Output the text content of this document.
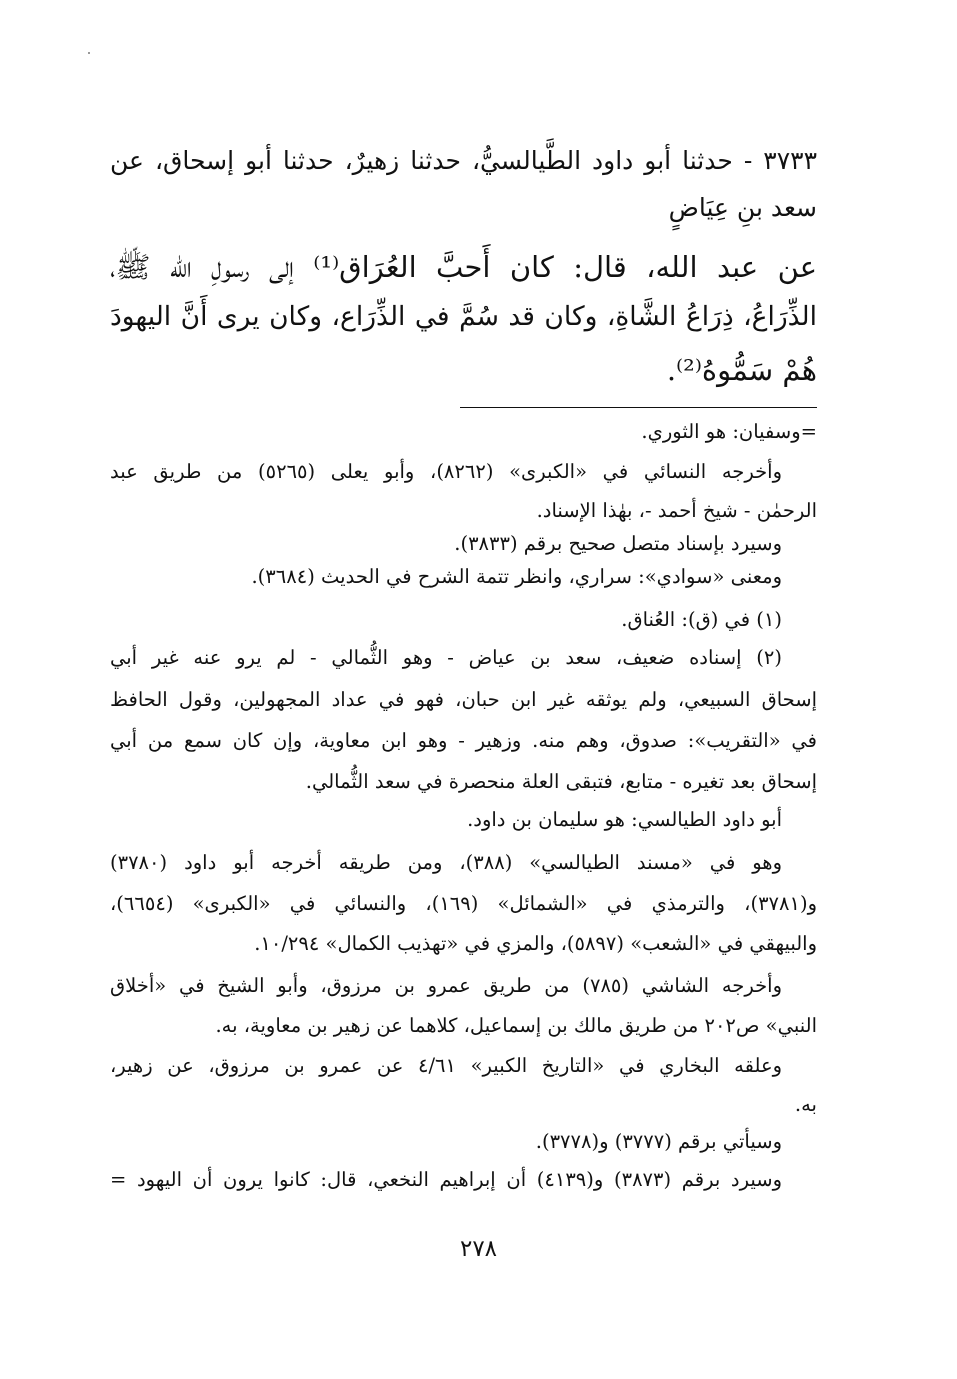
٣٧٣٣ - حدثنا أبو داود الطَّيالسيُّ، حدثنا زهيرٌ، حدثنا أبو إسحاق، عن
سعد بنِ عِيَاضٍ
عن عبد الله، قال: كان أَحبَّ العُرَاق⁽¹⁾ إلى رسولِ الله ﷺ،
الذِّرَاعُ، ذِرَاعُ الشَّاةِ، وكان قد سُمَّ في الذِّرَاع، وكان يرى أَنَّ اليهودَ
هُمْ سَمُّوهُ⁽²⁾.
=وسفيان: هو الثوري.
وأخرجه النسائي في «الكبرى» (٨٢٦٢)، وأبو يعلى (٥٢٦٥) من طريق عبد
الرحمٰن - شيخ أحمد -، بهٰذا الإسناد.
وسيرد بإسناد متصل صحيح برقم (٣٨٣٣).
ومعنى «سوادي»: سراري، وانظر تتمة الشرح في الحديث (٣٦٨٤).
(١) في (ق): العُناق.
(٢) إسناده ضعيف، سعد بن عياض - وهو الثُّمالي - لم يرو عنه غير أبي
إسحاق السبيعي، ولم يوثقه غير ابن حبان، فهو في عداد المجهولين، وقول الحافظ
في «التقريب»: صدوق، وهم منه. وزهير - وهو ابن معاوية، وإن كان سمع من أبي
إسحاق بعد تغيره - متابع، فتبقى العلة منحصرة في سعد الثُّمالي.
أبو داود الطيالسي: هو سليمان بن داود.
وهو في «مسند الطيالسي» (٣٨٨)، ومن طريقه أخرجه أبو داود (٣٧٨٠)
و(٣٧٨١)، والترمذي في «الشمائل» (١٦٩)، والنسائي في «الكبرى» (٦٦٥٤)،
والبيهقي في «الشعب» (٥٨٩٧)، والمزي في «تهذيب الكمال» ١٠/٢٩٤.
وأخرجه الشاشي (٧٨٥) من طريق عمرو بن مرزوق، وأبو الشيخ في «أخلاق
النبي» ص٢٠٢ من طريق مالك بن إسماعيل، كلاهما عن زهير بن معاوية، به.
وعلقه البخاري في «التاريخ الكبير» ٤/٦١ عن عمرو بن مرزوق، عن زهير،
به.
وسيأتي برقم (٣٧٧٧) و(٣٧٧٨).
وسيرد برقم (٣٨٧٣) و(٤١٣٩) أن إبراهيم النخعي، قال: كانوا يرون أن اليهود =
٢٧٨
